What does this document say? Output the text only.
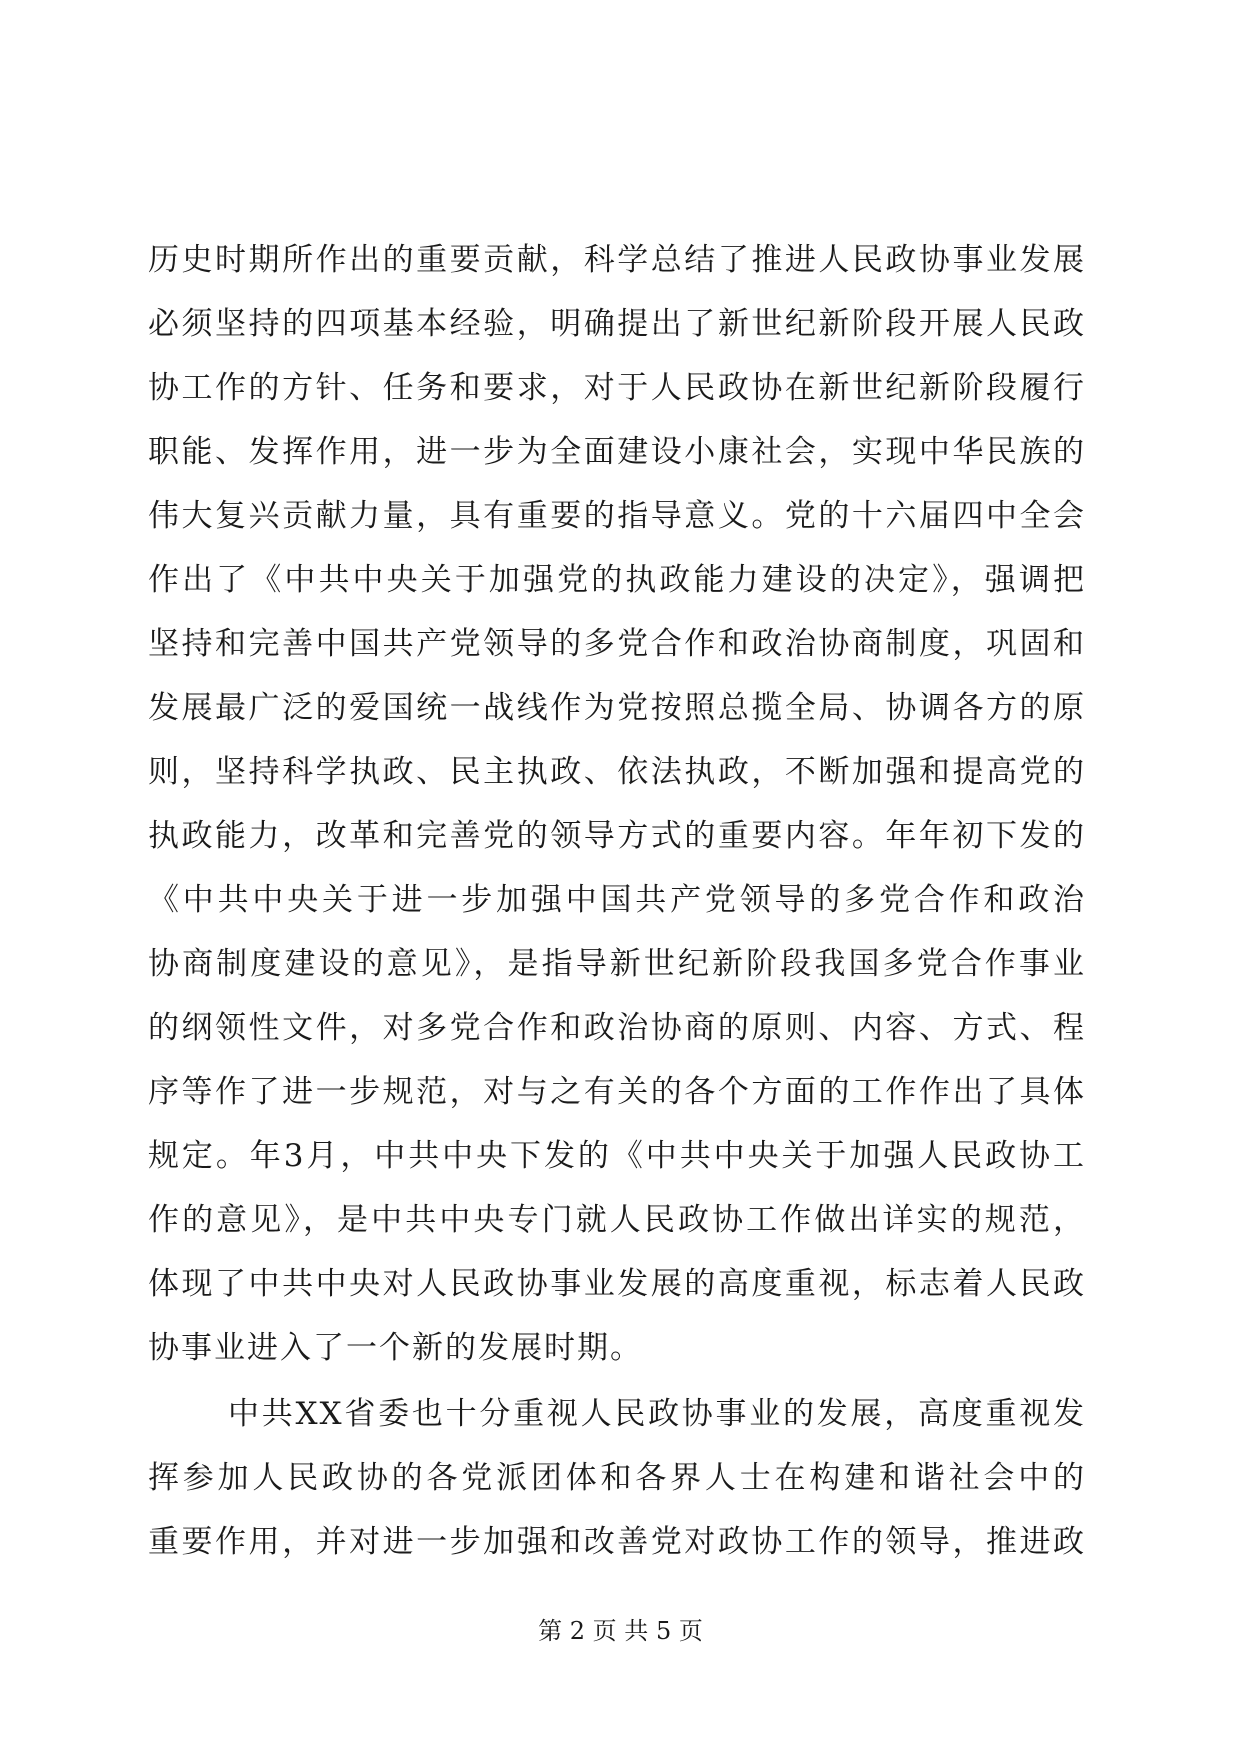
历史时期所作出的重要贡献，科学总结了推进人民政协事业发展
必须坚持的四项基本经验，明确提出了新世纪新阶段开展人民政
协工作的方针、任务和要求，对于人民政协在新世纪新阶段履行
职能、发挥作用，进一步为全面建设小康社会，实现中华民族的
伟大复兴贡献力量，具有重要的指导意义。党的十六届四中全会
作出了《中共中央关于加强党的执政能力建设的决定》，强调把
坚持和完善中国共产党领导的多党合作和政治协商制度，巩固和
发展最广泛的爱国统一战线作为党按照总揽全局、协调各方的原
则，坚持科学执政、民主执政、依法执政，不断加强和提高党的
执政能力，改革和完善党的领导方式的重要内容。年年初下发的
《中共中央关于进一步加强中国共产党领导的多党合作和政治
协商制度建设的意见》，是指导新世纪新阶段我国多党合作事业
的纲领性文件，对多党合作和政治协商的原则、内容、方式、程
序等作了进一步规范，对与之有关的各个方面的工作作出了具体
规定。年3月，中共中央下发的《中共中央关于加强人民政协工
作的意见》，是中共中央专门就人民政协工作做出详实的规范，
体现了中共中央对人民政协事业发展的高度重视，标志着人民政
协事业进入了一个新的发展时期。
中共XX省委也十分重视人民政协事业的发展，高度重视发
挥参加人民政协的各党派团体和各界人士在构建和谐社会中的
重要作用，并对进一步加强和改善党对政协工作的领导，推进政
第 2 页 共 5 页
